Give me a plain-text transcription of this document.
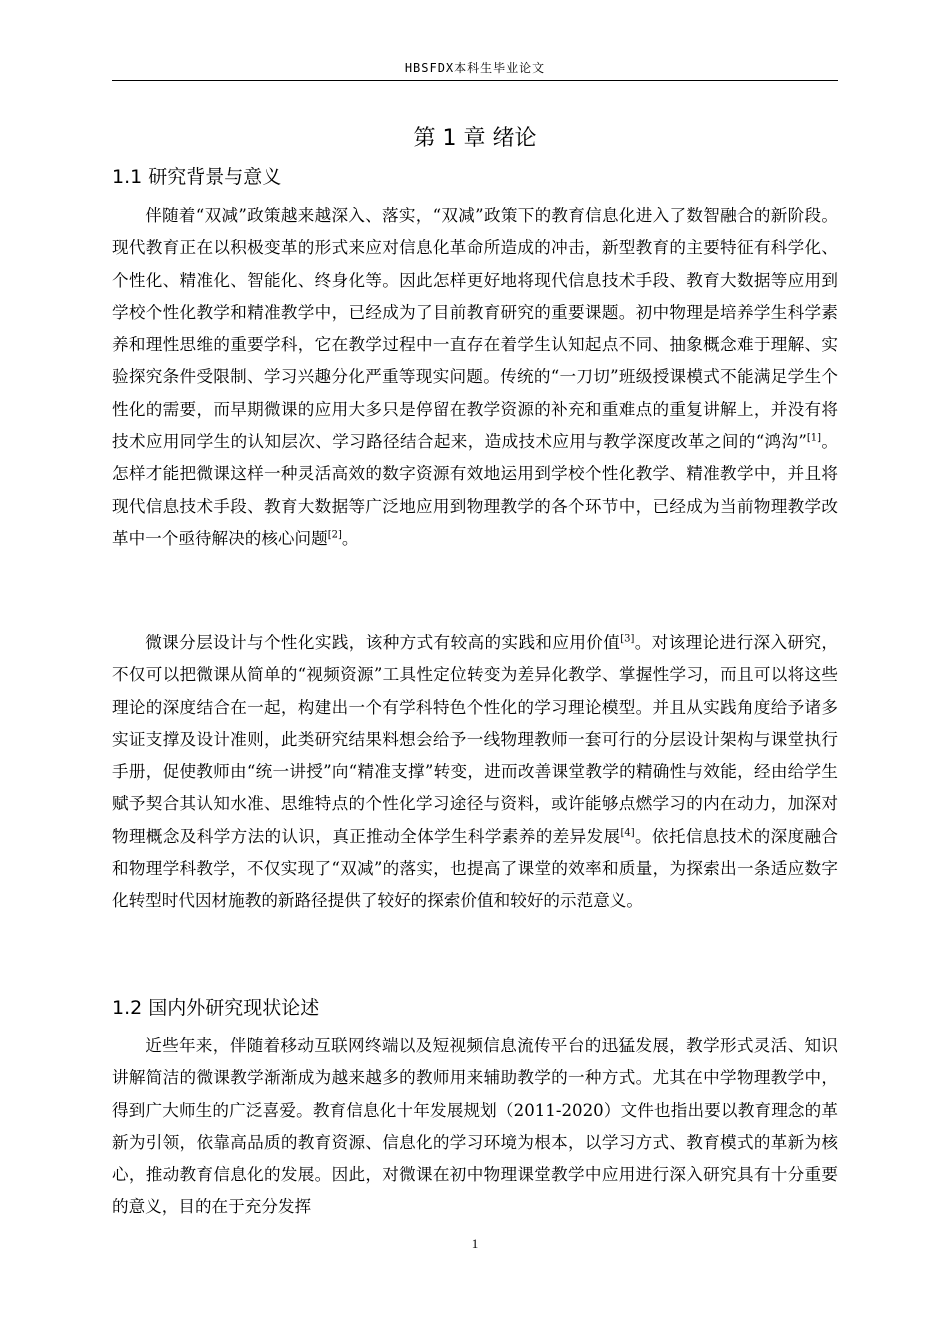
HBSFDX本科生毕业论文
第 1 章 绪论
1.1 研究背景与意义

伴随着“双减”政策越来越深入、落实，“双减”政策下的教育信息化进入了数智融合的新阶段。现代教育正在以积极变革的形式来应对信息化革命所造成的冲击，新型教育的主要特征有科学化、个性化、精准化、智能化、终身化等。因此怎样更好地将现代信息技术手段、教育大数据等应用到学校个性化教学和精准教学中，已经成为了目前教育研究的重要课题。初中物理是培养学生科学素养和理性思维的重要学科，它在教学过程中一直存在着学生认知起点不同、抽象概念难于理解、实验探究条件受限制、学习兴趣分化严重等现实问题。传统的“一刀切”班级授课模式不能满足学生个性化的需要，而早期微课的应用大多只是停留在教学资源的补充和重难点的重复讲解上，并没有将技术应用同学生的认知层次、学习路径结合起来，造成技术应用与教学深度改革之间的“鸿沟”[1]。怎样才能把微课这样一种灵活高效的数字资源有效地运用到学校个性化教学、精准教学中，并且将现代信息技术手段、教育大数据等广泛地应用到物理教学的各个环节中，已经成为当前物理教学改革中一个亟待解决的核心问题[2]。

微课分层设计与个性化实践，该种方式有较高的实践和应用价值[3]。对该理论进行深入研究，不仅可以把微课从简单的“视频资源”工具性定位转变为差异化教学、掌握性学习，而且可以将这些理论的深度结合在一起，构建出一个有学科特色个性化的学习理论模型。并且从实践角度给予诸多实证支撑及设计准则，此类研究结果料想会给予一线物理教师一套可行的分层设计架构与课堂执行手册，促使教师由“统一讲授”向“精准支撑”转变，进而改善课堂教学的精确性与效能，经由给学生赋予契合其认知水准、思维特点的个性化学习途径与资料，或许能够点燃学习的内在动力，加深对物理概念及科学方法的认识，真正推动全体学生科学素养的差异发展[4]。依托信息技术的深度融合和物理学科教学，不仅实现了“双减”的落实，也提高了课堂的效率和质量，为探索出一条适应数字化转型时代因材施教的新路径提供了较好的探索价值和较好的示范意义。

1.2 国内外研究现状论述

近些年来，伴随着移动互联网终端以及短视频信息流传平台的迅猛发展，教学形式灵活、知识讲解简洁的微课教学渐渐成为越来越多的教师用来辅助教学的一种方式。尤其在中学物理教学中，得到广大师生的广泛喜爱。教育信息化十年发展规划（2011-2020）文件也指出要以教育理念的革新为引领，依靠高品质的教育资源、信息化的学习环境为根本，以学习方式、教育模式的革新为核心，推动教育信息化的发展。因此，对微课在初中物理课堂教学中应用进行深入研究具有十分重要的意义，目的在于充分发挥

1
